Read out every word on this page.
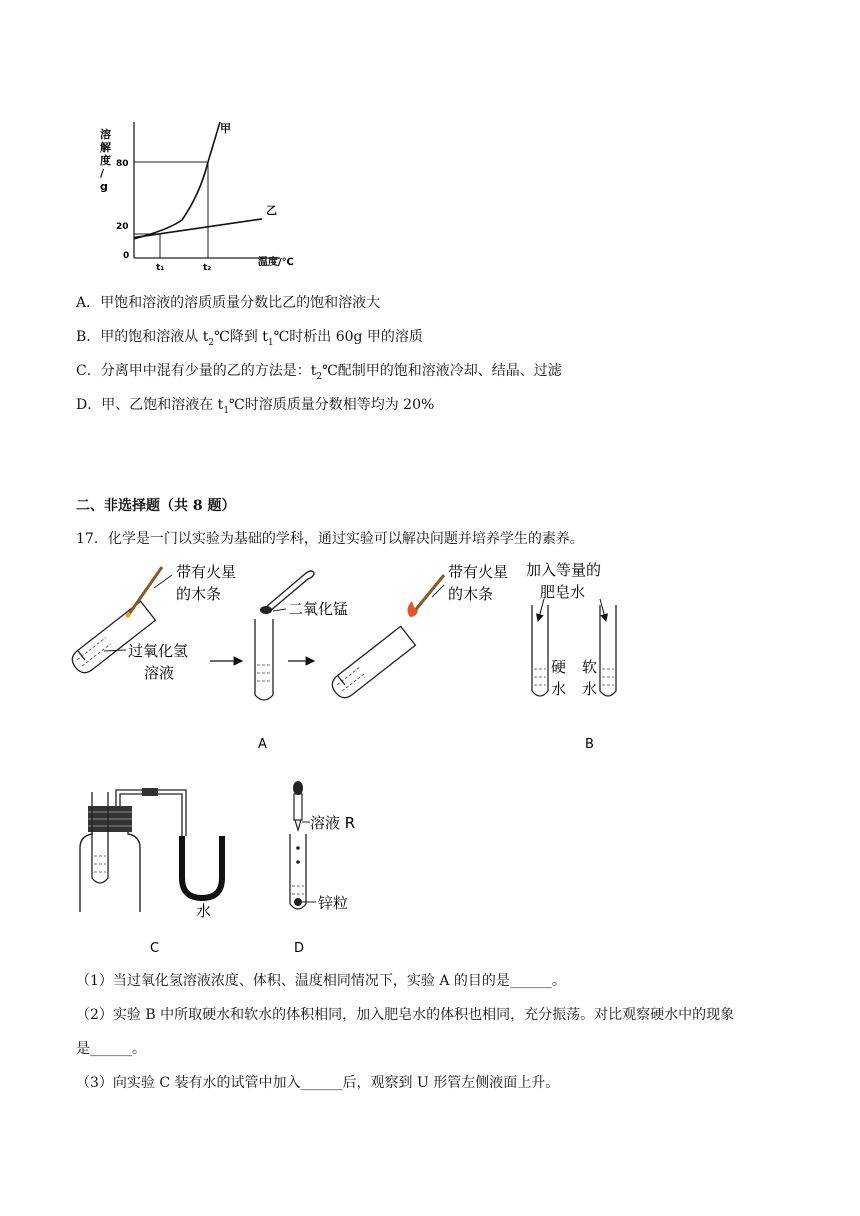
溶解度/ g
80
20
0
t₁	t₂	温度/℃
甲
乙
A．甲饱和溶液的溶质质量分数比乙的饱和溶液大
B．甲的饱和溶液从 $t_2℃$降到 $t_1℃$时析出 60g 甲的溶质
C．分离甲中混有少量的乙的方法是：$t_2℃$配制甲的饱和溶液冷却、结晶、过滤
D．甲、乙饱和溶液在 $t_1℃$时溶质质量分数相等均为 20%
二、非选择题（共 8 题）
17．化学是一门以实验为基础的学科，通过实验可以解决问题并培养学生的素养。
带有火星
的木条
过氧化氢
溶液
二氧化锰
带有火星
的木条
加入等量的
肥皂水
硬
水
软
水
A	B
水
C
溶液 R
锌粒
D
（1）当过氧化氢溶液浓度、体积、温度相同情况下，实验 A 的目的是______。
（2）实验 B 中所取硬水和软水的体积相同，加入肥皂水的体积也相同，充分振荡。对比观察硬水中的现象
是______。
（3）向实验 C 装有水的试管中加入______后，观察到 U 形管左侧液面上升。
